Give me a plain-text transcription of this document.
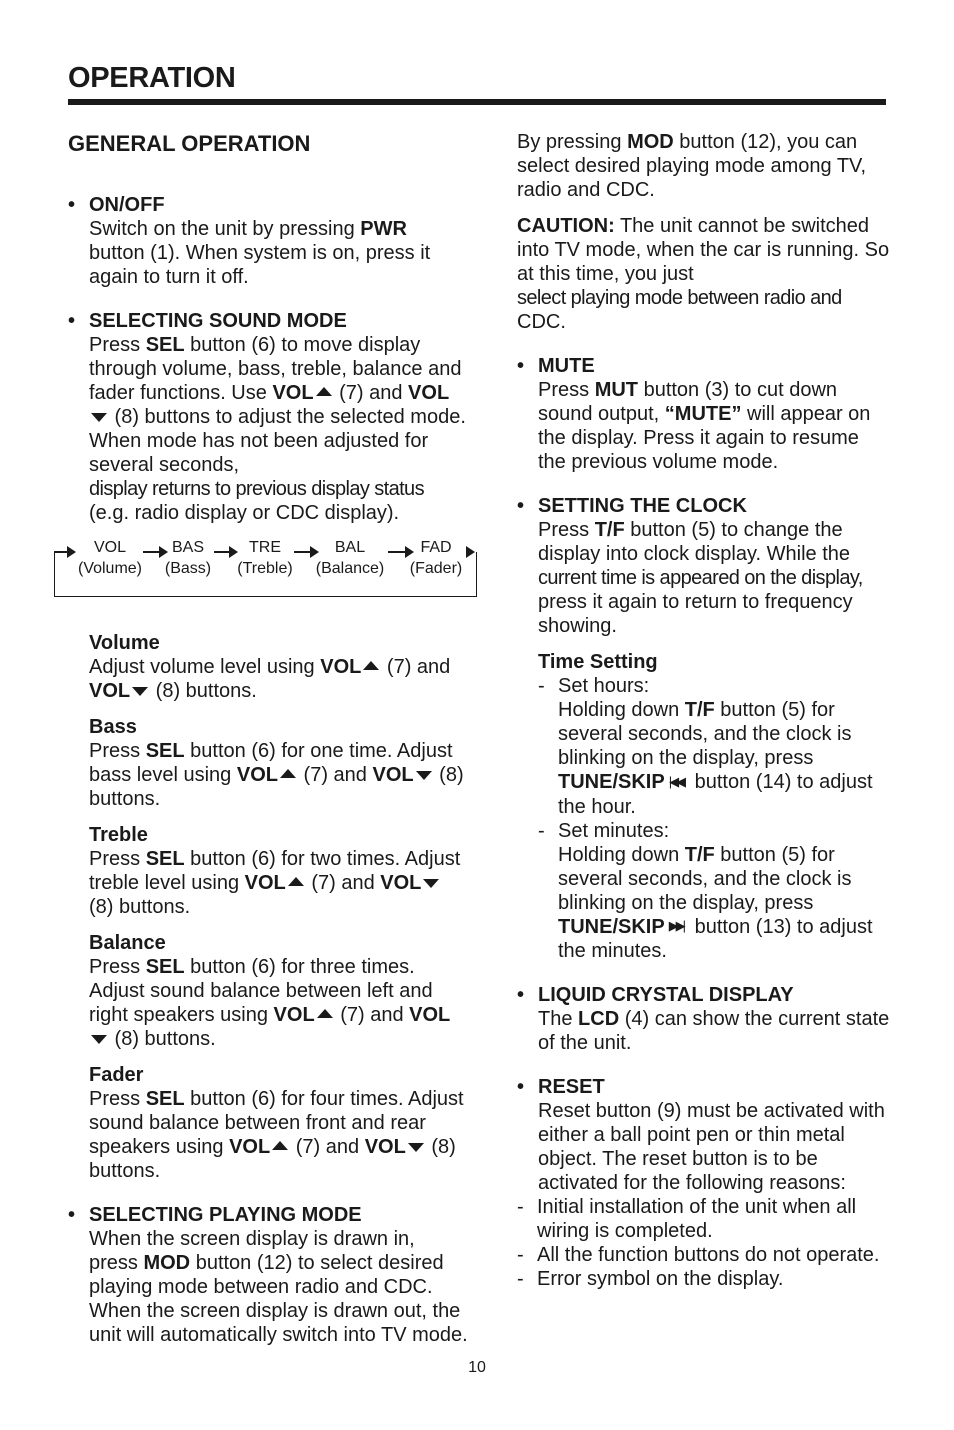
OPERATION
GENERAL OPERATION
• ON/OFF
Switch on the unit by pressing PWR button (1). When system is on, press it again to turn it off.
• SELECTING SOUND MODE
Press SEL button (6) to move display through volume, bass, treble, balance and fader functions. Use VOL (7) and VOL (8) buttons to adjust the selected mode. When mode has not been adjusted for several seconds,
display returns to previous display status
(e.g. radio display or CDC display).
VOL
(Volume)
BAS
(Bass)
TRE
(Treble)
BAL
(Balance)
FAD
(Fader)
Volume
Adjust volume level using VOL (7) and VOL (8) buttons.
Bass
Press SEL button (6) for one time. Adjust bass level using VOL (7) and VOL (8) buttons.
Treble
Press SEL button (6) for two times. Adjust treble level using VOL (7) and VOL (8) buttons.
Balance
Press SEL button (6) for three times. Adjust sound balance between left and right speakers using VOL (7) and VOL (8) buttons.
Fader
Press SEL button (6) for four times. Adjust sound balance between front and rear speakers using VOL (7) and VOL (8) buttons.
• SELECTING PLAYING MODE
When the screen display is drawn in, press MOD button (12) to select desired playing mode between radio and CDC. When the screen display is drawn out, the unit will automatically switch into TV mode.
By pressing MOD button (12), you can select desired playing mode among TV, radio and CDC.
CAUTION: The unit cannot be switched into TV mode, when the car is running. So at this time, you just
select playing mode between radio and
CDC.
• MUTE
Press MUT button (3) to cut down sound output, “MUTE” will appear on the display. Press it again to resume the previous volume mode.
• SETTING THE CLOCK
Press T/F button (5) to change the display into clock display. While the
current time is appeared on the display,
press it again to return to frequency showing.
Time Setting
- Set hours:
Holding down T/F button (5) for several seconds, and the clock is blinking on the display, press TUNE/SKIP |◀◀ button (14) to adjust the hour.
- Set minutes:
Holding down T/F button (5) for several seconds, and the clock is blinking on the display, press TUNE/SKIP ▶▶| button (13) to adjust the minutes.
• LIQUID CRYSTAL DISPLAY
The LCD (4) can show the current state of the unit.
• RESET
Reset button (9) must be activated with either a ball point pen or thin metal object. The reset button is to be activated for the following reasons:
- Initial installation of the unit when all wiring is completed.
- All the function buttons do not operate.
- Error symbol on the display.
10
